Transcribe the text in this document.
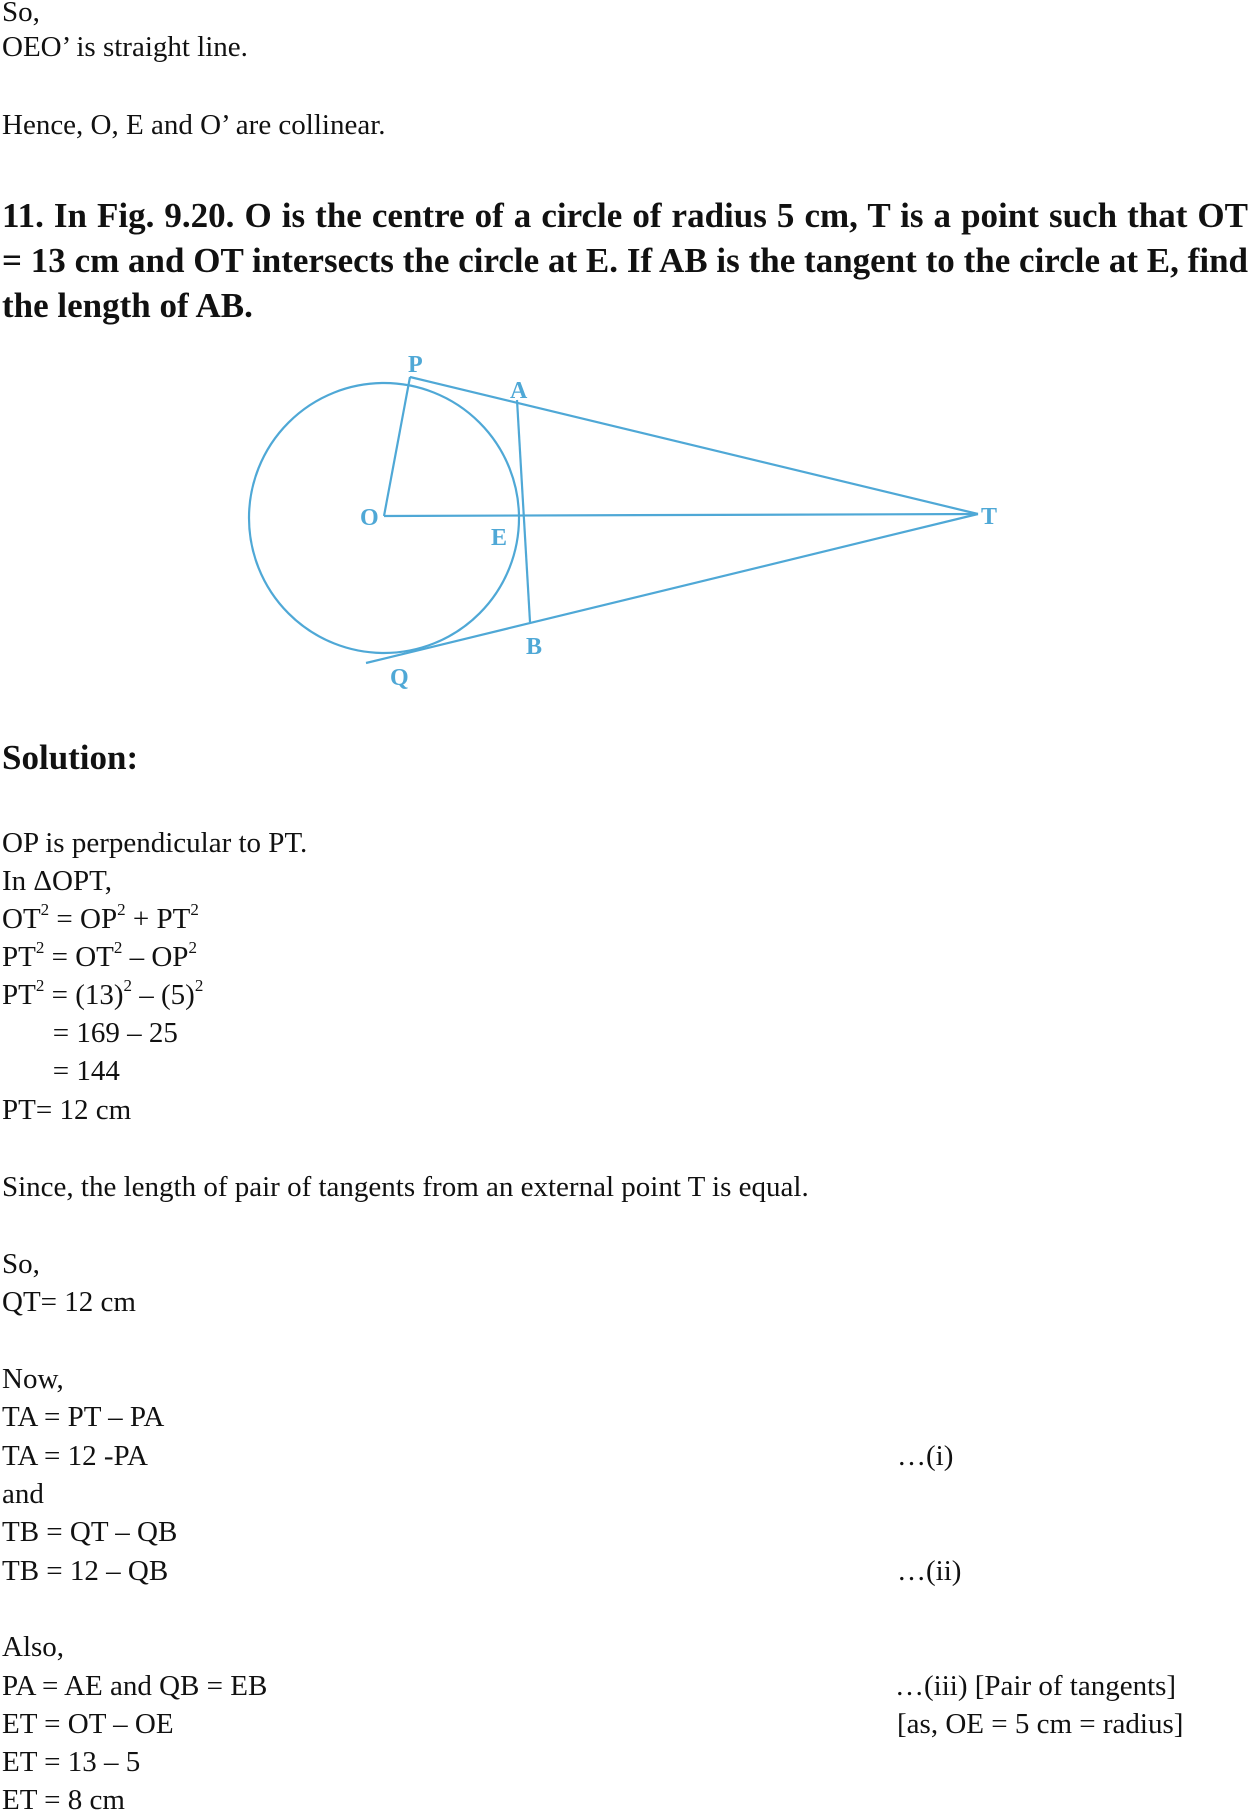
So,

OEO’ is straight line.

Hence, O, E and O’ are collinear.

11. In Fig. 9.20. O is the centre of a circle of radius 5 cm, T is a point such that OT = 13 cm and OT intersects the circle at E. If AB is the tangent to the circle at E, find the length of AB.

P
A
O
E
T
B
Q

Solution:

OP is perpendicular to PT.

In ΔOPT,

$OT^2 = OP^2 + PT^2$

$PT^2 = OT^2 - OP^2$

$PT^2 = (13)^2 - (5)^2$

= 169 – 25

= 144

PT= 12 cm

Since, the length of pair of tangents from an external point T is equal.

So,

QT= 12 cm

Now,

TA = PT – PA

TA = 12 -PA	…(i)

and

TB = QT – QB

TB = 12 – QB	…(ii)

Also,

PA = AE and QB = EB	…(iii) [Pair of tangents]

ET = OT – OE	[as, OE = 5 cm = radius]

ET = 13 – 5

ET = 8 cm
